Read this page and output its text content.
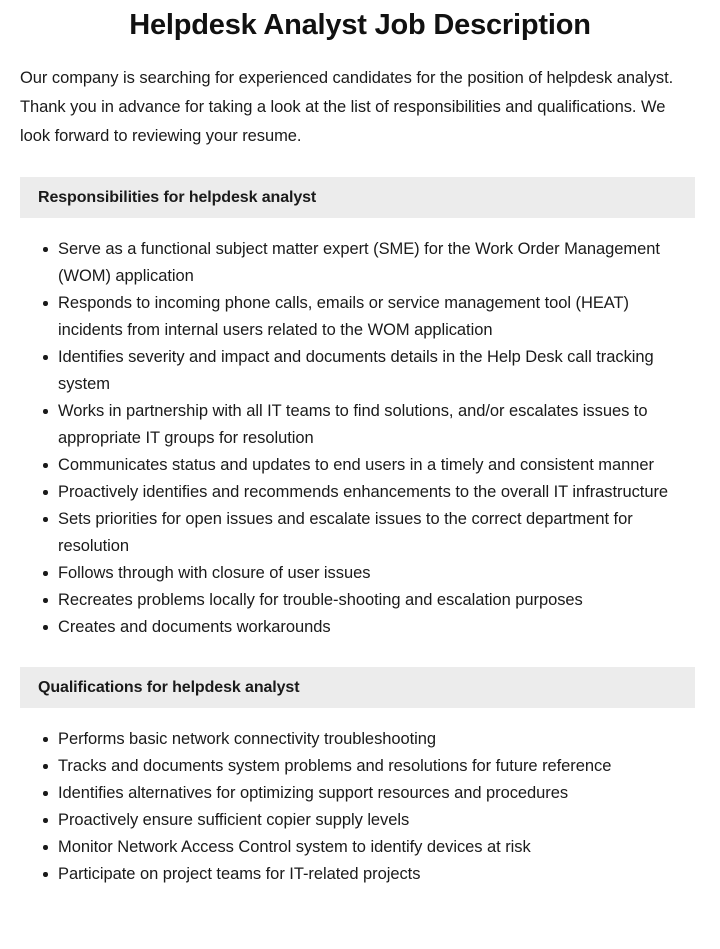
Helpdesk Analyst Job Description

Our company is searching for experienced candidates for the position of helpdesk analyst. Thank you in advance for taking a look at the list of responsibilities and qualifications. We look forward to reviewing your resume.

Responsibilities for helpdesk analyst
Serve as a functional subject matter expert (SME) for the Work Order Management (WOM) application
Responds to incoming phone calls, emails or service management tool (HEAT) incidents from internal users related to the WOM application
Identifies severity and impact and documents details in the Help Desk call tracking system
Works in partnership with all IT teams to find solutions, and/or escalates issues to appropriate IT groups for resolution
Communicates status and updates to end users in a timely and consistent manner
Proactively identifies and recommends enhancements to the overall IT infrastructure
Sets priorities for open issues and escalate issues to the correct department for resolution
Follows through with closure of user issues
Recreates problems locally for trouble-shooting and escalation purposes
Creates and documents workarounds
Qualifications for helpdesk analyst
Performs basic network connectivity troubleshooting
Tracks and documents system problems and resolutions for future reference
Identifies alternatives for optimizing support resources and procedures
Proactively ensure sufficient copier supply levels
Monitor Network Access Control system to identify devices at risk
Participate on project teams for IT-related projects
